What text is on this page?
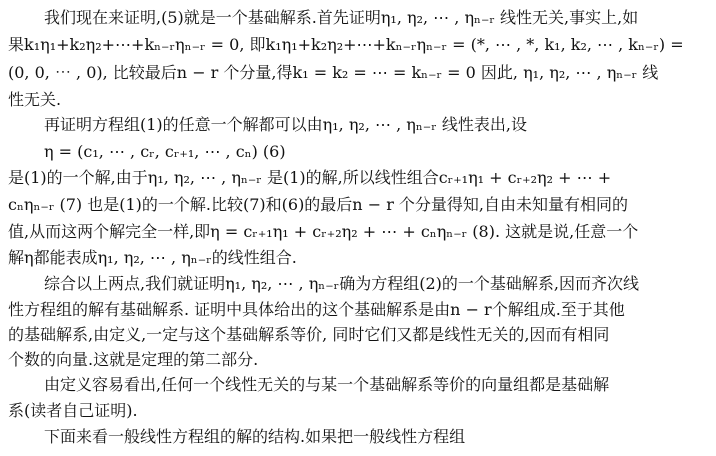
我们现在来证明,(5)就是一个基础解系.首先证明η₁, η₂, ⋯ , ηₙ₋ᵣ 线性无关,事实上,如
果k₁η₁+k₂η₂+⋯+kₙ₋ᵣηₙ₋ᵣ = 0, 即k₁η₁+k₂η₂+⋯+kₙ₋ᵣηₙ₋ᵣ = (*, ⋯ , *, k₁, k₂, ⋯ , kₙ₋ᵣ) =
(0, 0, ⋯ , 0), 比较最后n − r 个分量,得k₁ = k₂ = ⋯ = kₙ₋ᵣ = 0 因此, η₁, η₂, ⋯ , ηₙ₋ᵣ 线
性无关.
再证明方程组(1)的任意一个解都可以由η₁, η₂, ⋯ , ηₙ₋ᵣ 线性表出,设
η = (c₁, ⋯ , cᵣ, cᵣ₊₁, ⋯ , cₙ) (6)
是(1)的一个解,由于η₁, η₂, ⋯ , ηₙ₋ᵣ 是(1)的解,所以线性组合cᵣ₊₁η₁ + cᵣ₊₂η₂ + ⋯ +
cₙηₙ₋ᵣ (7) 也是(1)的一个解.比较(7)和(6)的最后n − r 个分量得知,自由未知量有相同的
值,从而这两个解完全一样,即η = cᵣ₊₁η₁ + cᵣ₊₂η₂ + ⋯ + cₙηₙ₋ᵣ (8). 这就是说,任意一个
解η都能表成η₁, η₂, ⋯ , ηₙ₋ᵣ的线性组合.
综合以上两点,我们就证明η₁, η₂, ⋯ , ηₙ₋ᵣ确为方程组(2)的一个基础解系,因而齐次线
性方程组的解有基础解系. 证明中具体给出的这个基础解系是由n − r个解组成.至于其他
的基础解系,由定义,一定与这个基础解系等价, 同时它们又都是线性无关的,因而有相同
个数的向量.这就是定理的第二部分.
由定义容易看出,任何一个线性无关的与某一个基础解系等价的向量组都是基础解
系(读者自己证明).
下面来看一般线性方程组的解的结构.如果把一般线性方程组
